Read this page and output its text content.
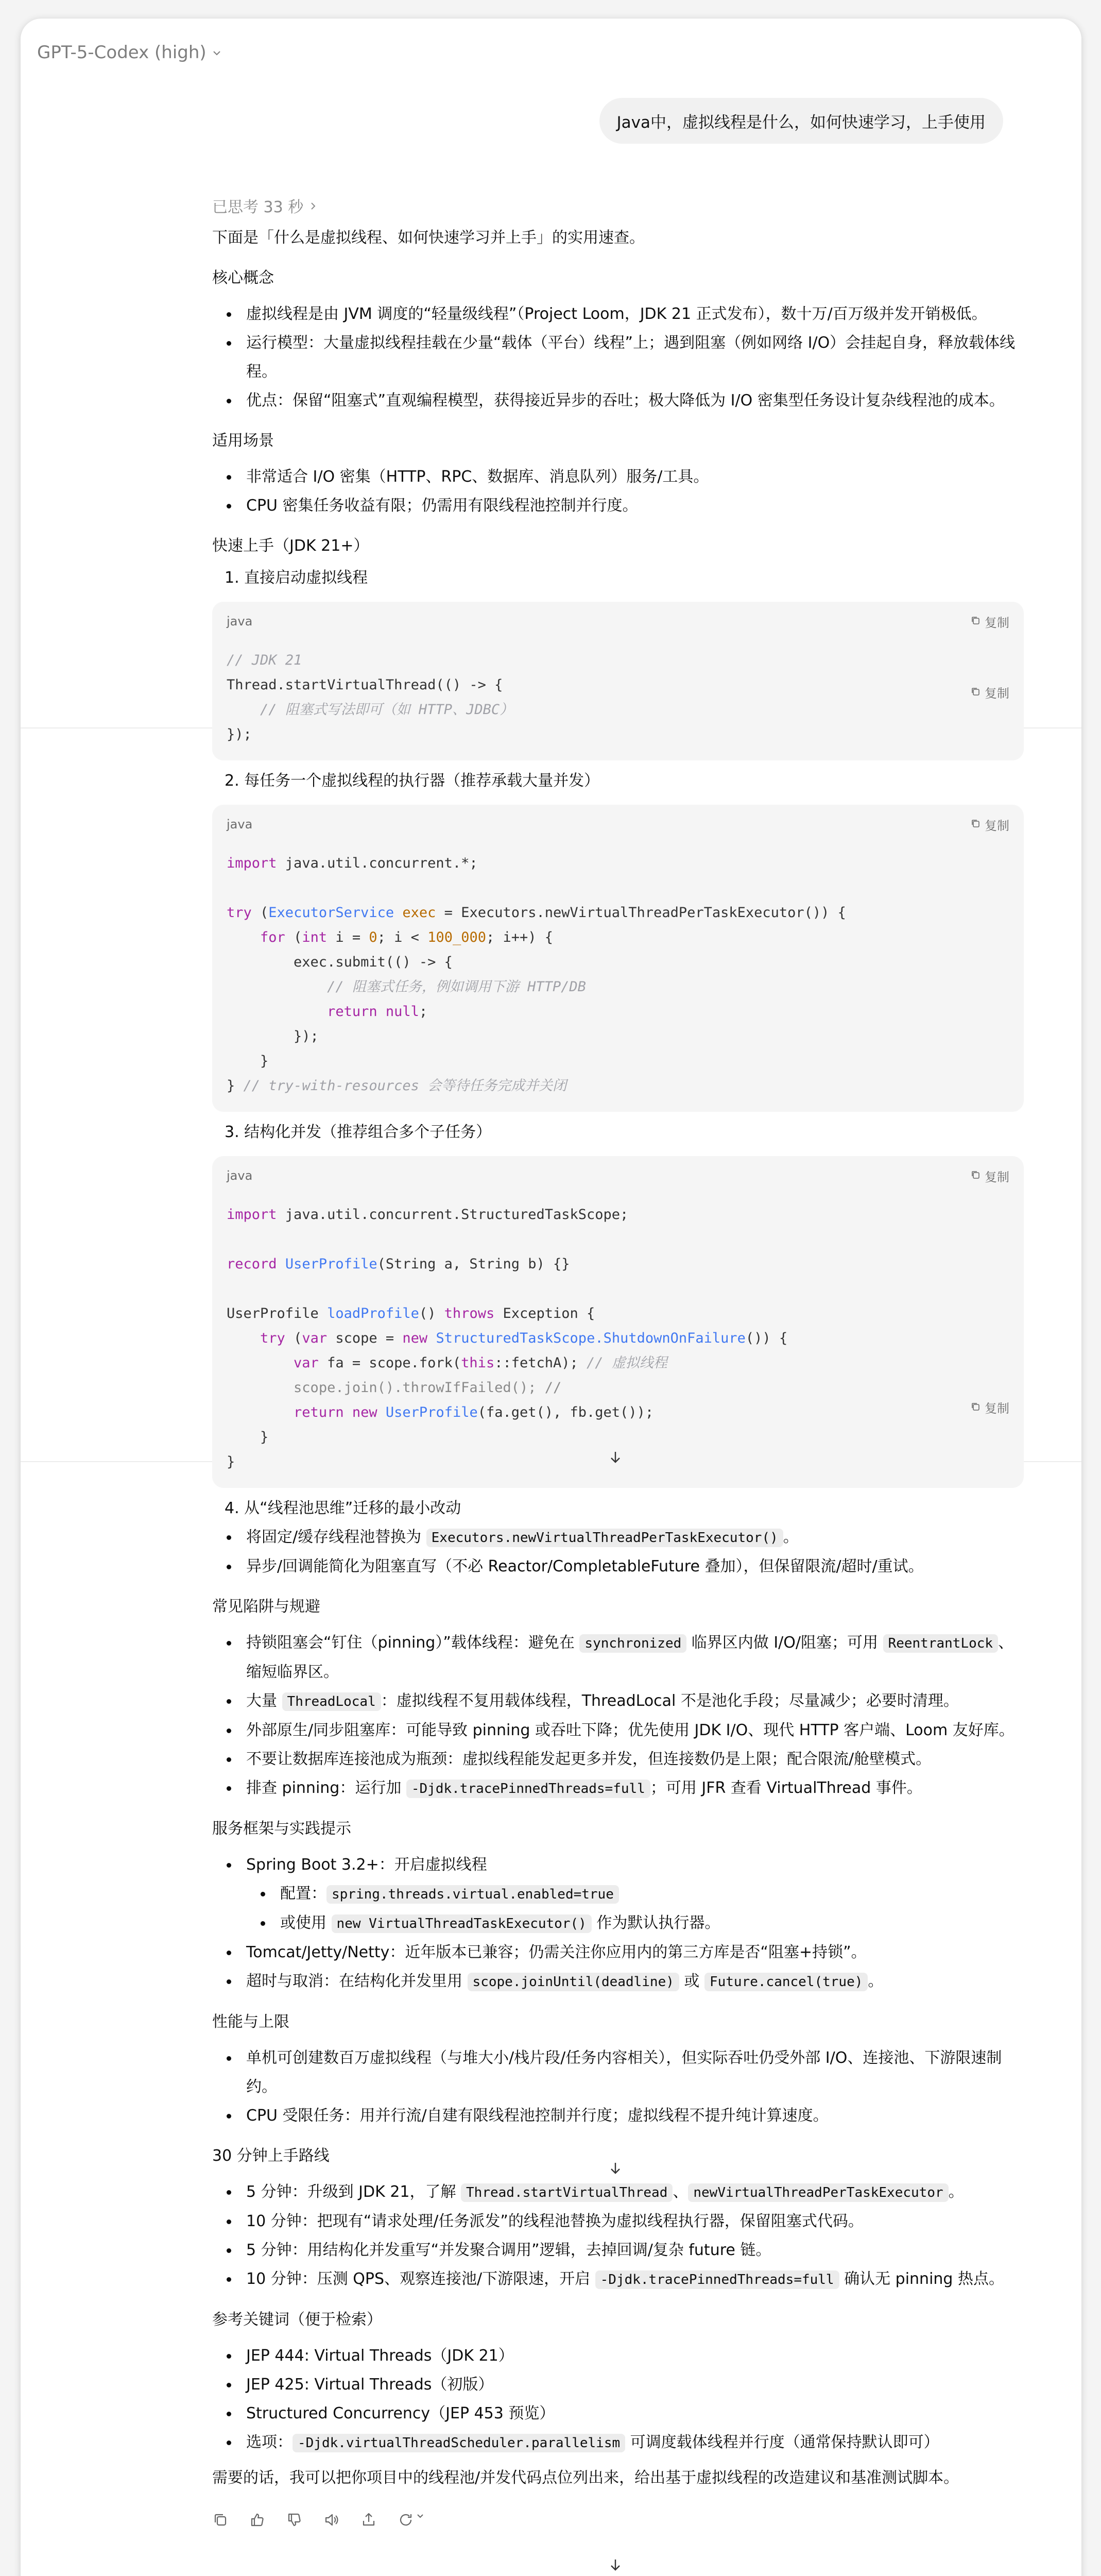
GPT-5-Codex (high)
Java中，虚拟线程是什么，如何快速学习，上手使用
已思考 33 秒
下面是「什么是虚拟线程、如何快速学习并上手」的实用速查。
核心概念
虚拟线程是由 JVM 调度的“轻量级线程”（Project Loom，JDK 21 正式发布），数十万/百万级并发开销极低。
运行模型：大量虚拟线程挂载在少量“载体（平台）线程”上；遇到阻塞（例如网络 I/O）会挂起自身，释放载体线程。
优点：保留“阻塞式”直观编程模型，获得接近异步的吞吐；极大降低为 I/O 密集型任务设计复杂线程池的成本。
适用场景
非常适合 I/O 密集（HTTP、RPC、数据库、消息队列）服务/工具。
CPU 密集任务收益有限；仍需用有限线程池控制并行度。
快速上手（JDK 21+）
1. 直接启动虚拟线程
java	复制
复制
// JDK 21
Thread.startVirtualThread(() -> {
// 阻塞式写法即可（如 HTTP、JDBC）
});
2. 每任务一个虚拟线程的执行器（推荐承载大量并发）
java	复制
import java.util.concurrent.*;

try (ExecutorService exec = Executors.newVirtualThreadPerTaskExecutor()) {
for (int i = 0; i < 100_000; i++) {
exec.submit(() -> {
// 阻塞式任务，例如调用下游 HTTP/DB
return null;
});
}
} // try-with-resources 会等待任务完成并关闭
3. 结构化并发（推荐组合多个子任务）
java	复制
复制
import java.util.concurrent.StructuredTaskScope;

record UserProfile(String a, String b) {}

UserProfile loadProfile() throws Exception {
try (var scope = new StructuredTaskScope.ShutdownOnFailure()) {
var fa = scope.fork(this::fetchA); // 虚拟线程
scope.join().throwIfFailed(); //
return new UserProfile(fa.get(), fb.get());
}
}
4. 从“线程池思维”迁移的最小改动
将固定/缓存线程池替换为 Executors.newVirtualThreadPerTaskExecutor() 。
异步/回调能简化为阻塞直写（不必 Reactor/CompletableFuture 叠加），但保留限流/超时/重试。
常见陷阱与规避
持锁阻塞会“钉住（pinning）”载体线程：避免在 synchronized 临界区内做 I/O/阻塞；可用 ReentrantLock 、缩短临界区。
大量 ThreadLocal ：虚拟线程不复用载体线程，ThreadLocal 不是池化手段；尽量减少；必要时清理。
外部原生/同步阻塞库：可能导致 pinning 或吞吐下降；优先使用 JDK I/O、现代 HTTP 客户端、Loom 友好库。
不要让数据库连接池成为瓶颈：虚拟线程能发起更多并发，但连接数仍是上限；配合限流/舱壁模式。
排查 pinning：运行加 -Djdk.tracePinnedThreads=full ；可用 JFR 查看 VirtualThread 事件。
服务框架与实践提示
Spring Boot 3.2+：开启虚拟线程
配置： spring.threads.virtual.enabled=true
或使用 new VirtualThreadTaskExecutor() 作为默认执行器。
Tomcat/Jetty/Netty：近年版本已兼容；仍需关注你应用内的第三方库是否“阻塞+持锁”。
超时与取消：在结构化并发里用 scope.joinUntil(deadline) 或 Future.cancel(true) 。
性能与上限
单机可创建数百万虚拟线程（与堆大小/栈片段/任务内容相关），但实际吞吐仍受外部 I/O、连接池、下游限速制约。
CPU 受限任务：用并行流/自建有限线程池控制并行度；虚拟线程不提升纯计算速度。
30 分钟上手路线
5 分钟：升级到 JDK 21，了解 Thread.startVirtualThread 、 newVirtualThreadPerTaskExecutor 。
10 分钟：把现有“请求处理/任务派发”的线程池替换为虚拟线程执行器，保留阻塞式代码。
5 分钟：用结构化并发重写“并发聚合调用”逻辑，去掉回调/复杂 future 链。
10 分钟：压测 QPS、观察连接池/下游限速，开启 -Djdk.tracePinnedThreads=full 确认无 pinning 热点。
参考关键词（便于检索）
JEP 444: Virtual Threads（JDK 21）
JEP 425: Virtual Threads（初版）
Structured Concurrency（JEP 453 预览）
选项： -Djdk.virtualThreadScheduler.parallelism 可调度载体线程并行度（通常保持默认即可）
需要的话，我可以把你项目中的线程池/并发代码点位列出来，给出基于虚拟线程的改造建议和基准测试脚本。
